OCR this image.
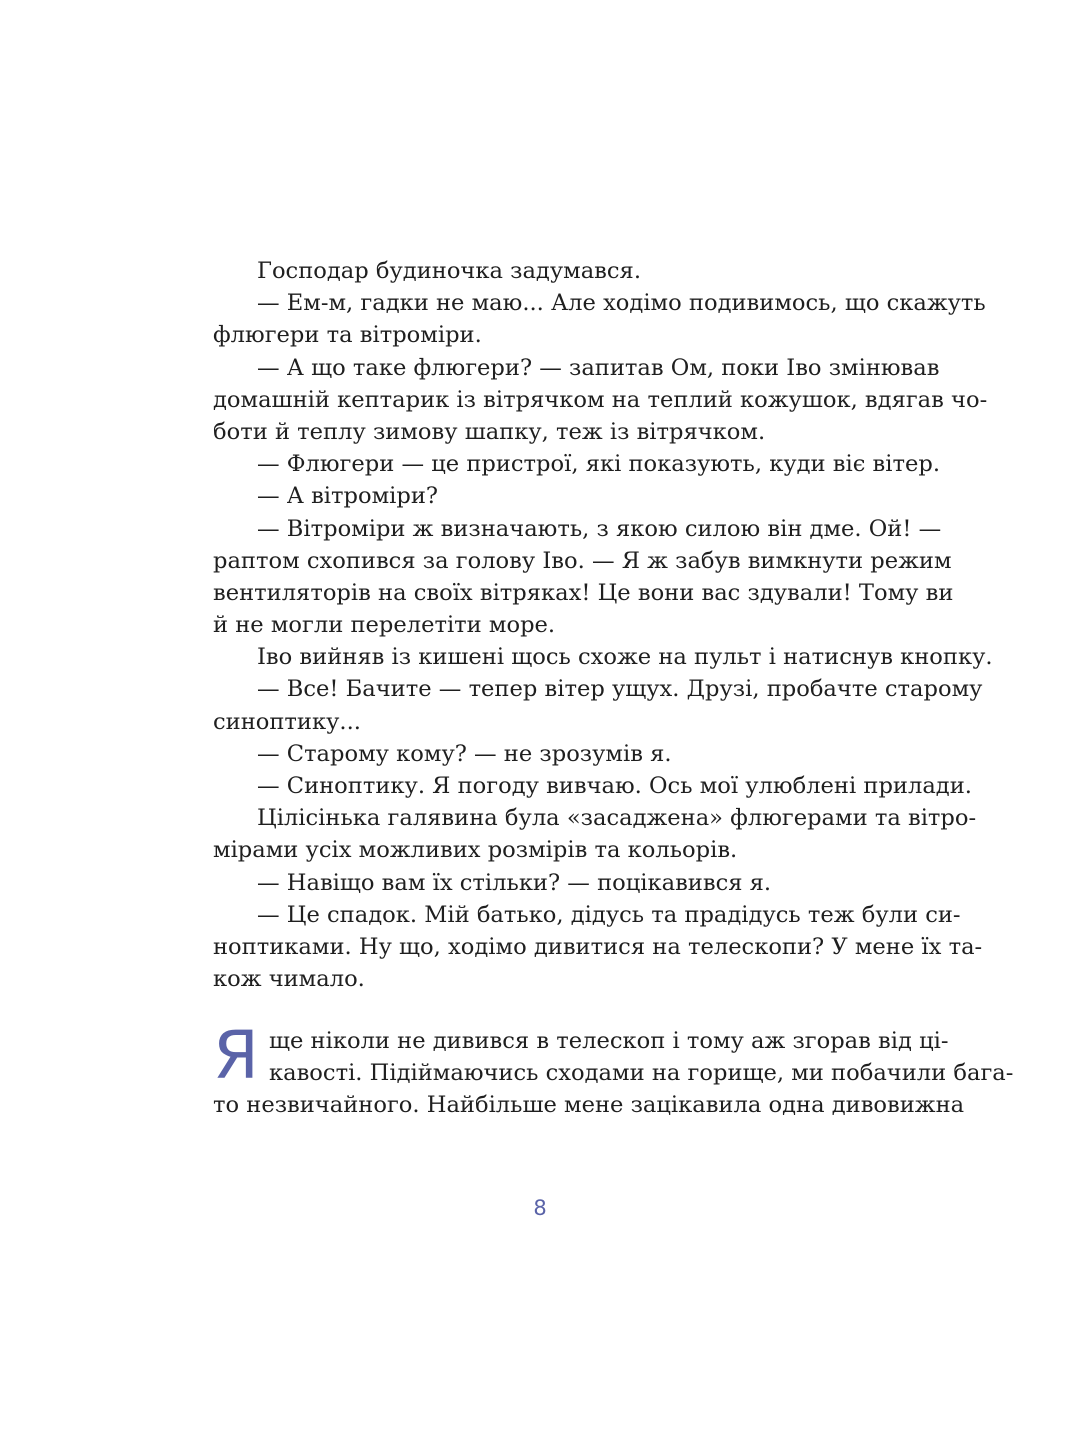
Господар будиночка задумався.
— Ем-м, гадки не маю... Але ходімо подивимось, що скажуть
флюгери та вітроміри.
— А що таке флюгери? — запитав Ом, поки Іво змінював
домашній кептарик із вітрячком на теплий кожушок, вдягав чо-
боти й теплу зимову шапку, теж із вітрячком.
— Флюгери — це пристрої, які показують, куди віє вітер.
— А вітроміри?
— Вітроміри ж визначають, з якою силою він дме. Ой! —
раптом схопився за голову Іво. — Я ж забув вимкнути режим
вентиляторів на своїх вітряках! Це вони вас здували! Тому ви
й не могли перелетіти море.
Іво вийняв із кишені щось схоже на пульт і натиснув кнопку.
— Все! Бачите — тепер вітер ущух. Друзі, пробачте старому
синоптику...
— Старому кому? — не зрозумів я.
— Синоптику. Я погоду вивчаю. Ось мої улюблені прилади.
Цілісінька галявина була «засаджена» флюгерами та вітро-
мірами усіх можливих розмірів та кольорів.
— Навіщо вам їх стільки? — поцікавився я.
— Це спадок. Мій батько, дідусь та прадідусь теж були си-
ноптиками. Ну що, ходімо дивитися на телескопи? У мене їх та-
кож чимало.
Я ще ніколи не дивився в телескоп і тому аж згорав від ці-
кавості. Підіймаючись сходами на горище, ми побачили бага-
то незвичайного. Найбільше мене зацікавила одна дивовижна
8
